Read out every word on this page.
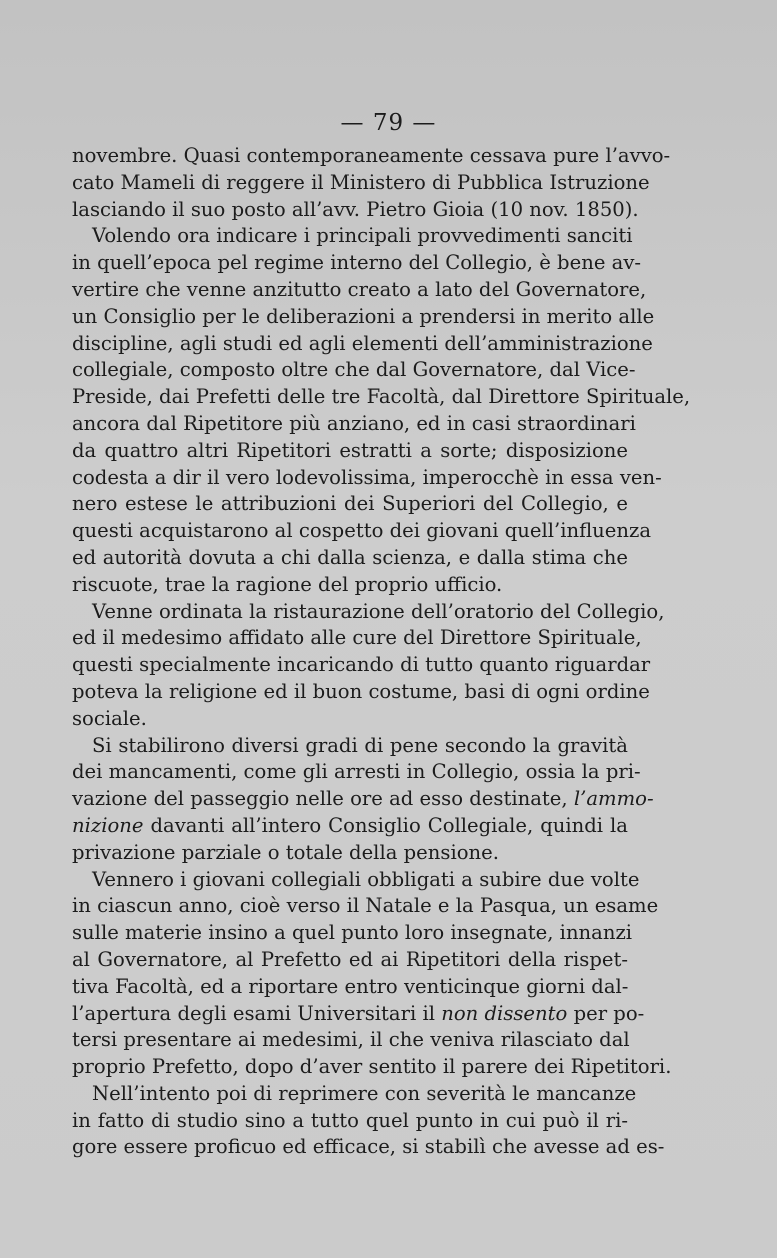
— 79 —
novembre. Quasi contemporaneamente cessava pure l’avvo-
cato Mameli di reggere il Ministero di Pubblica Istruzione
lasciando il suo posto all’avv. Pietro Gioia (10 nov. 1850).
Volendo ora indicare i principali provvedimenti sanciti
in quell’epoca pel regime interno del Collegio, è bene av-
vertire che venne anzitutto creato a lato del Governatore,
un Consiglio per le deliberazioni a prendersi in merito alle
discipline, agli studi ed agli elementi dell’amministrazione
collegiale, composto oltre che dal Governatore, dal Vice-
Preside, dai Prefetti delle tre Facoltà, dal Direttore Spirituale,
ancora dal Ripetitore più anziano, ed in casi straordinari
da quattro altri Ripetitori estratti a sorte; disposizione
codesta a dir il vero lodevolissima, imperocchè in essa ven-
nero estese le attribuzioni dei Superiori del Collegio, e
questi acquistarono al cospetto dei giovani quell’influenza
ed autorità dovuta a chi dalla scienza, e dalla stima che
riscuote, trae la ragione del proprio ufficio.
Venne ordinata la ristaurazione dell’oratorio del Collegio,
ed il medesimo affidato alle cure del Direttore Spirituale,
questi specialmente incaricando di tutto quanto riguardar
poteva la religione ed il buon costume, basi di ogni ordine
sociale.
Si stabilirono diversi gradi di pene secondo la gravità
dei mancamenti, come gli arresti in Collegio, ossia la pri-
vazione del passeggio nelle ore ad esso destinate, l’ammo-
nizione davanti all’intero Consiglio Collegiale, quindi la
privazione parziale o totale della pensione.
Vennero i giovani collegiali obbligati a subire due volte
in ciascun anno, cioè verso il Natale e la Pasqua, un esame
sulle materie insino a quel punto loro insegnate, innanzi
al Governatore, al Prefetto ed ai Ripetitori della rispet-
tiva Facoltà, ed a riportare entro venticinque giorni dal-
l’apertura degli esami Universitari il non dissento per po-
tersi presentare ai medesimi, il che veniva rilasciato dal
proprio Prefetto, dopo d’aver sentito il parere dei Ripetitori.
Nell’intento poi di reprimere con severità le mancanze
in fatto di studio sino a tutto quel punto in cui può il ri-
gore essere proficuo ed efficace, si stabilì che avesse ad es-
